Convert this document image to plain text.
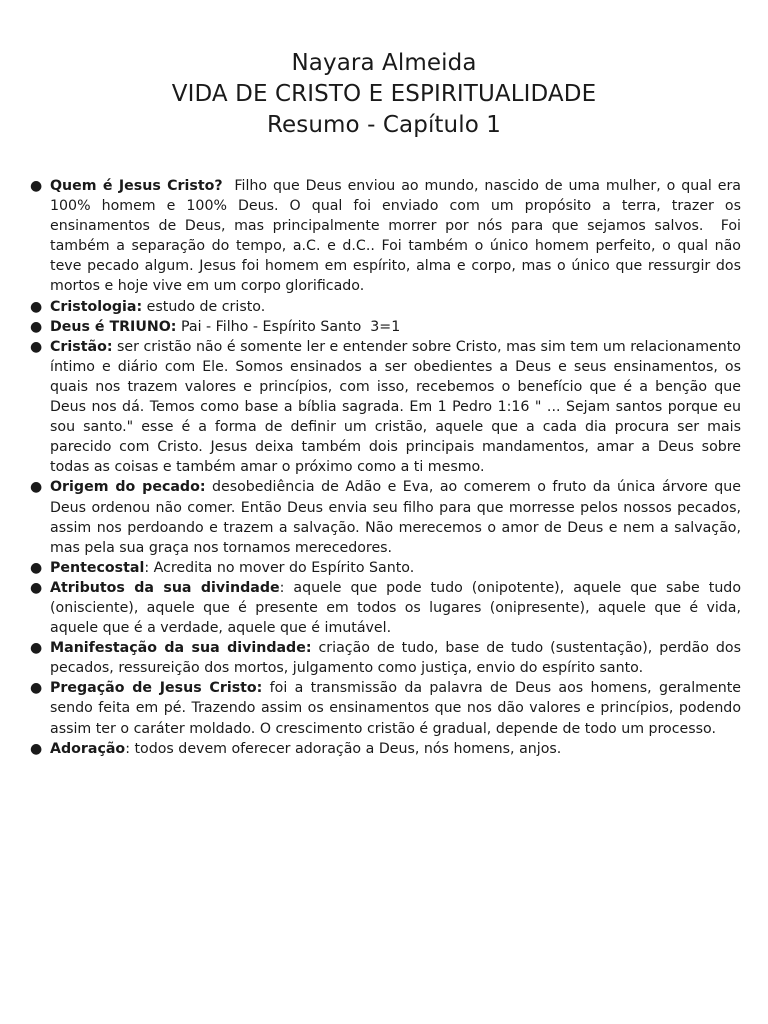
Nayara Almeida
VIDA DE CRISTO E ESPIRITUALIDADE
Resumo - Capítulo 1
● Quem é Jesus Cristo?  Filho que Deus enviou ao mundo, nascido de uma mulher, o qual era 100% homem e 100% Deus. O qual foi enviado com um propósito a terra, trazer os ensinamentos de Deus, mas principalmente morrer por nós para que sejamos salvos.  Foi também a separação do tempo, a.C. e d.C.. Foi também o único homem perfeito, o qual não teve pecado algum. Jesus foi homem em espírito, alma e corpo, mas o único que ressurgir dos mortos e hoje vive em um corpo glorificado.
● Cristologia: estudo de cristo.
● Deus é TRIUNO: Pai - Filho - Espírito Santo  3=1
● Cristão: ser cristão não é somente ler e entender sobre Cristo, mas sim tem um relacionamento íntimo e diário com Ele. Somos ensinados a ser obedientes a Deus e seus ensinamentos, os quais nos trazem valores e princípios, com isso, recebemos o benefício que é a benção que Deus nos dá. Temos como base a bíblia sagrada. Em 1 Pedro 1:16 " ... Sejam santos porque eu sou santo." esse é a forma de definir um cristão, aquele que a cada dia procura ser mais parecido com Cristo. Jesus deixa também dois principais mandamentos, amar a Deus sobre todas as coisas e também amar o próximo como a ti mesmo.
● Origem do pecado: desobediência de Adão e Eva, ao comerem o fruto da única árvore que Deus ordenou não comer. Então Deus envia seu filho para que morresse pelos nossos pecados, assim nos perdoando e trazem a salvação. Não merecemos o amor de Deus e nem a salvação, mas pela sua graça nos tornamos merecedores.
● Pentecostal: Acredita no mover do Espírito Santo.
● Atributos da sua divindade: aquele que pode tudo (onipotente), aquele que sabe tudo (onisciente), aquele que é presente em todos os lugares (onipresente), aquele que é vida, aquele que é a verdade, aquele que é imutável.
● Manifestação da sua divindade: criação de tudo, base de tudo (sustentação), perdão dos pecados, ressureição dos mortos, julgamento como justiça, envio do espírito santo.
● Pregação de Jesus Cristo: foi a transmissão da palavra de Deus aos homens, geralmente sendo feita em pé. Trazendo assim os ensinamentos que nos dão valores e princípios, podendo assim ter o caráter moldado. O crescimento cristão é gradual, depende de todo um processo.
● Adoração: todos devem oferecer adoração a Deus, nós homens, anjos.
